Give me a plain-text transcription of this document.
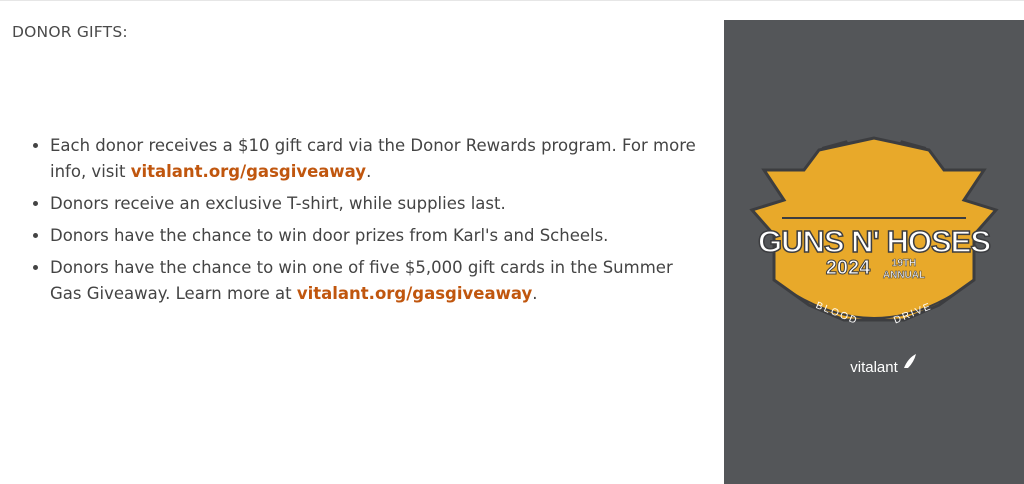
DONOR GIFTS:
• Each donor receives a $10 gift card via the Donor Rewards program. For more info, visit vitalant.org/gasgiveaway.
• Donors receive an exclusive T-shirt, while supplies last.
• Donors have the chance to win door prizes from Karl's and Scheels.
• Donors have the chance to win one of five $5,000 gift cards in the Summer Gas Giveaway. Learn more at vitalant.org/gasgiveaway.
GUNS N' HOSES
2024 19TH
ANNUAL
BLOOD	DRIVE
vitalant
